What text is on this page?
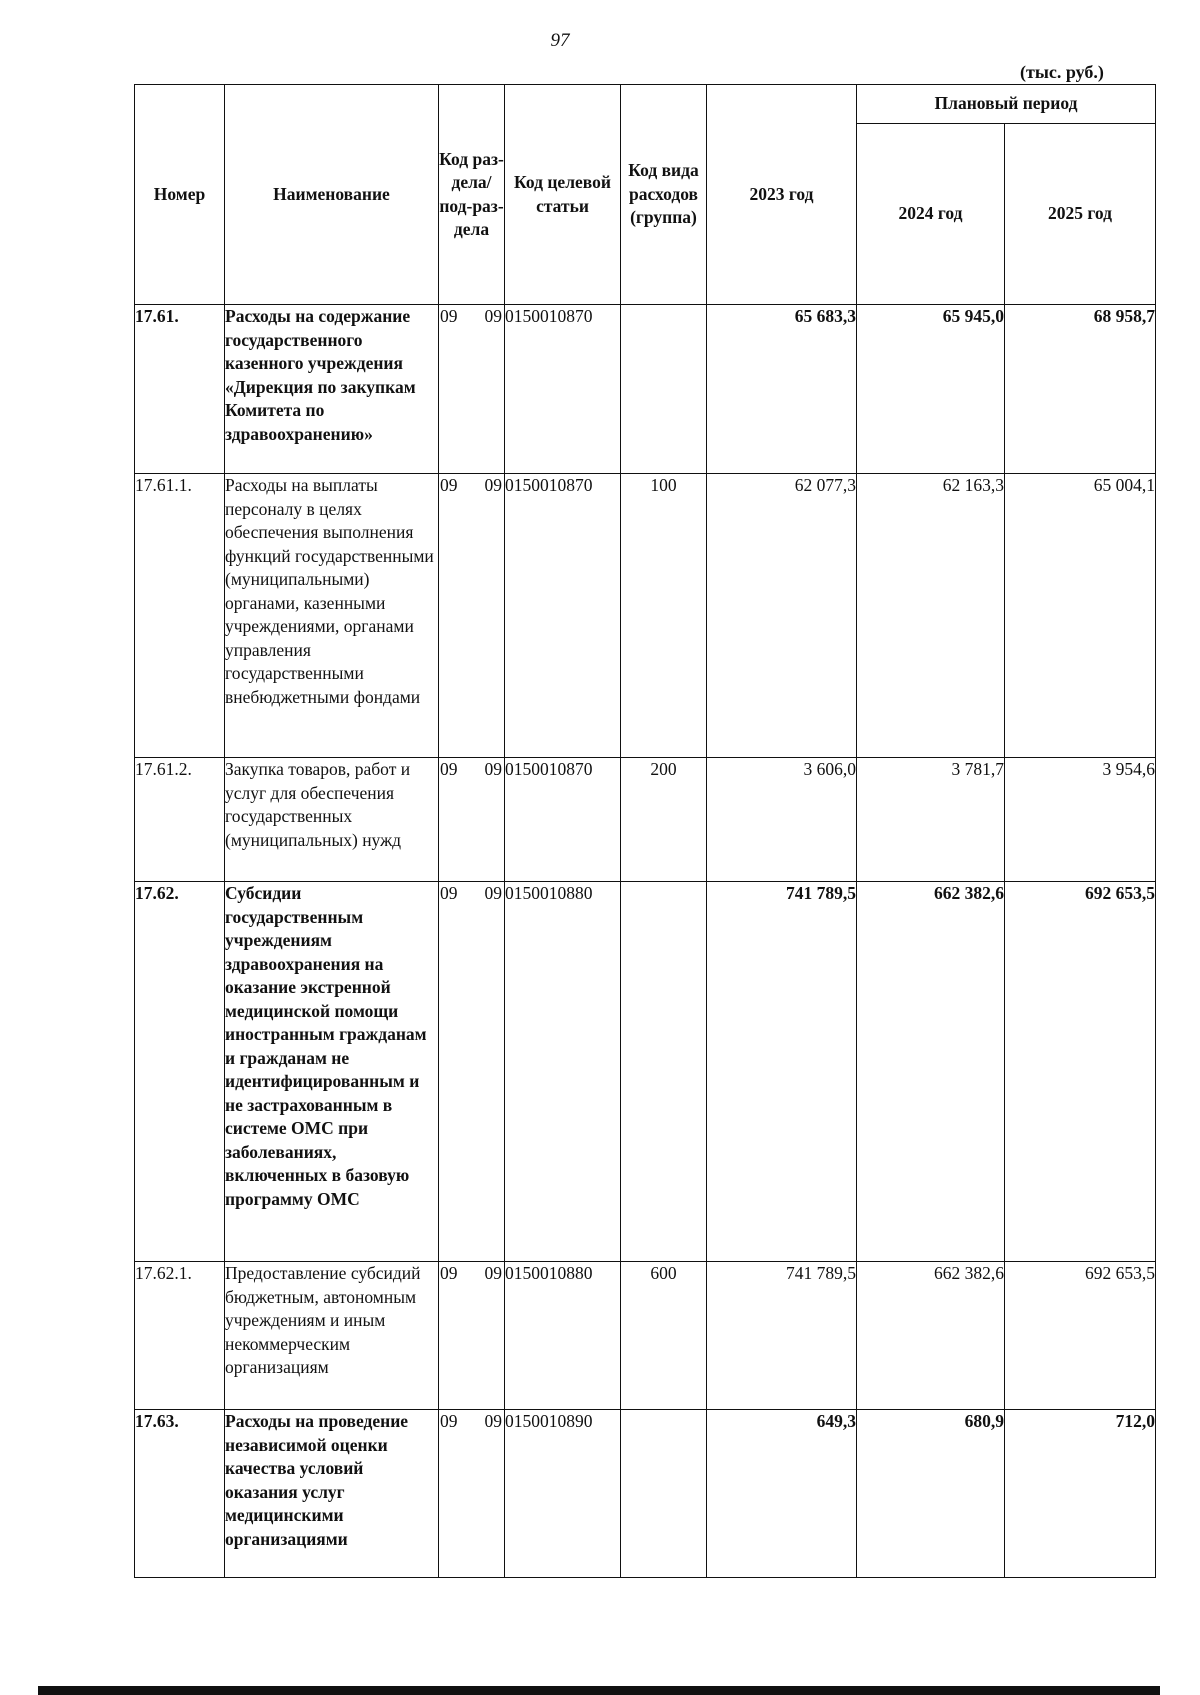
97
(тыс. руб.)
Номер	Наименование	Код раз-дела/ под-раз-дела	Код целевой статьи	Код вида расходов (группа)	2023 год	Плановый период	
						2024 год	2025 год
17.61.	Расходы на содержание государственного казенного учреждения «Дирекция по закупкам Комитета по здравоохранению»	09 09	0150010870		65 683,3	65 945,0	68 958,7
17.61.1.	Расходы на выплаты персоналу в целях обеспечения выполнения функций государственными (муниципальными) органами, казенными учреждениями, органами управления государственными внебюджетными фондами	09 09	0150010870	100	62 077,3	62 163,3	65 004,1
17.61.2.	Закупка товаров, работ и услуг для обеспечения государственных (муниципальных) нужд	09 09	0150010870	200	3 606,0	3 781,7	3 954,6
17.62.	Субсидии государственным учреждениям здравоохранения на оказание экстренной медицинской помощи иностранным гражданам и гражданам не идентифицированным и не застрахованным в системе ОМС при заболеваниях, включенных в базовую программу ОМС	09 09	0150010880		741 789,5	662 382,6	692 653,5
17.62.1.	Предоставление субсидий бюджетным, автономным учреждениям и иным некоммерческим организациям	09 09	0150010880	600	741 789,5	662 382,6	692 653,5
17.63.	Расходы на проведение независимой оценки качества условий оказания услуг медицинскими организациями	09 09	0150010890		649,3	680,9	712,0
